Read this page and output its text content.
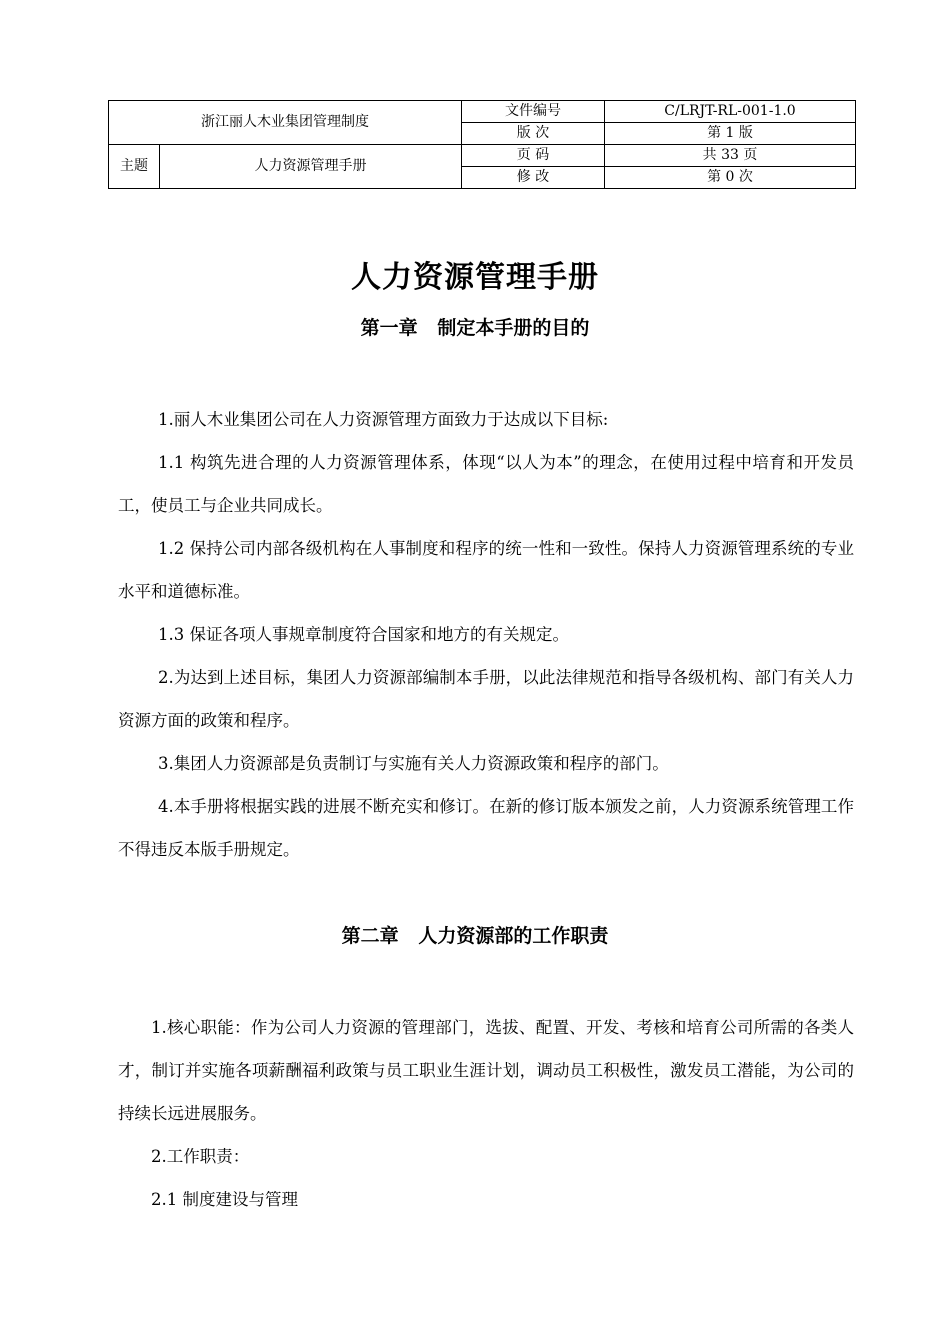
浙江丽人木业集团管理制度		文件编号	C/LRJT-RL-001-1.0
		版 次	第 1 版
主题	人力资源管理手册	页 码	共 33 页
		修 改	第 0 次
人力资源管理手册
第一章   制定本手册的目的

1.丽人木业集团公司在人力资源管理方面致力于达成以下目标:

1.1 构筑先进合理的人力资源管理体系，体现“以人为本”的理念，在使用过程中培育和开发员工，使员工与企业共同成长。

1.2 保持公司内部各级机构在人事制度和程序的统一性和一致性。保持人力资源管理系统的专业水平和道德标准。

1.3 保证各项人事规章制度符合国家和地方的有关规定。

2.为达到上述目标，集团人力资源部编制本手册，以此法律规范和指导各级机构、部门有关人力资源方面的政策和程序。

3.集团人力资源部是负责制订与实施有关人力资源政策和程序的部门。

4.本手册将根据实践的进展不断充实和修订。在新的修订版本颁发之前，人力资源系统管理工作不得违反本版手册规定。

第二章   人力资源部的工作职责

1.核心职能：作为公司人力资源的管理部门，选拔、配置、开发、考核和培育公司所需的各类人才，制订并实施各项薪酬福利政策与员工职业生涯计划，调动员工积极性，激发员工潜能，为公司的持续长远进展服务。

2.工作职责：

2.1 制度建设与管理
